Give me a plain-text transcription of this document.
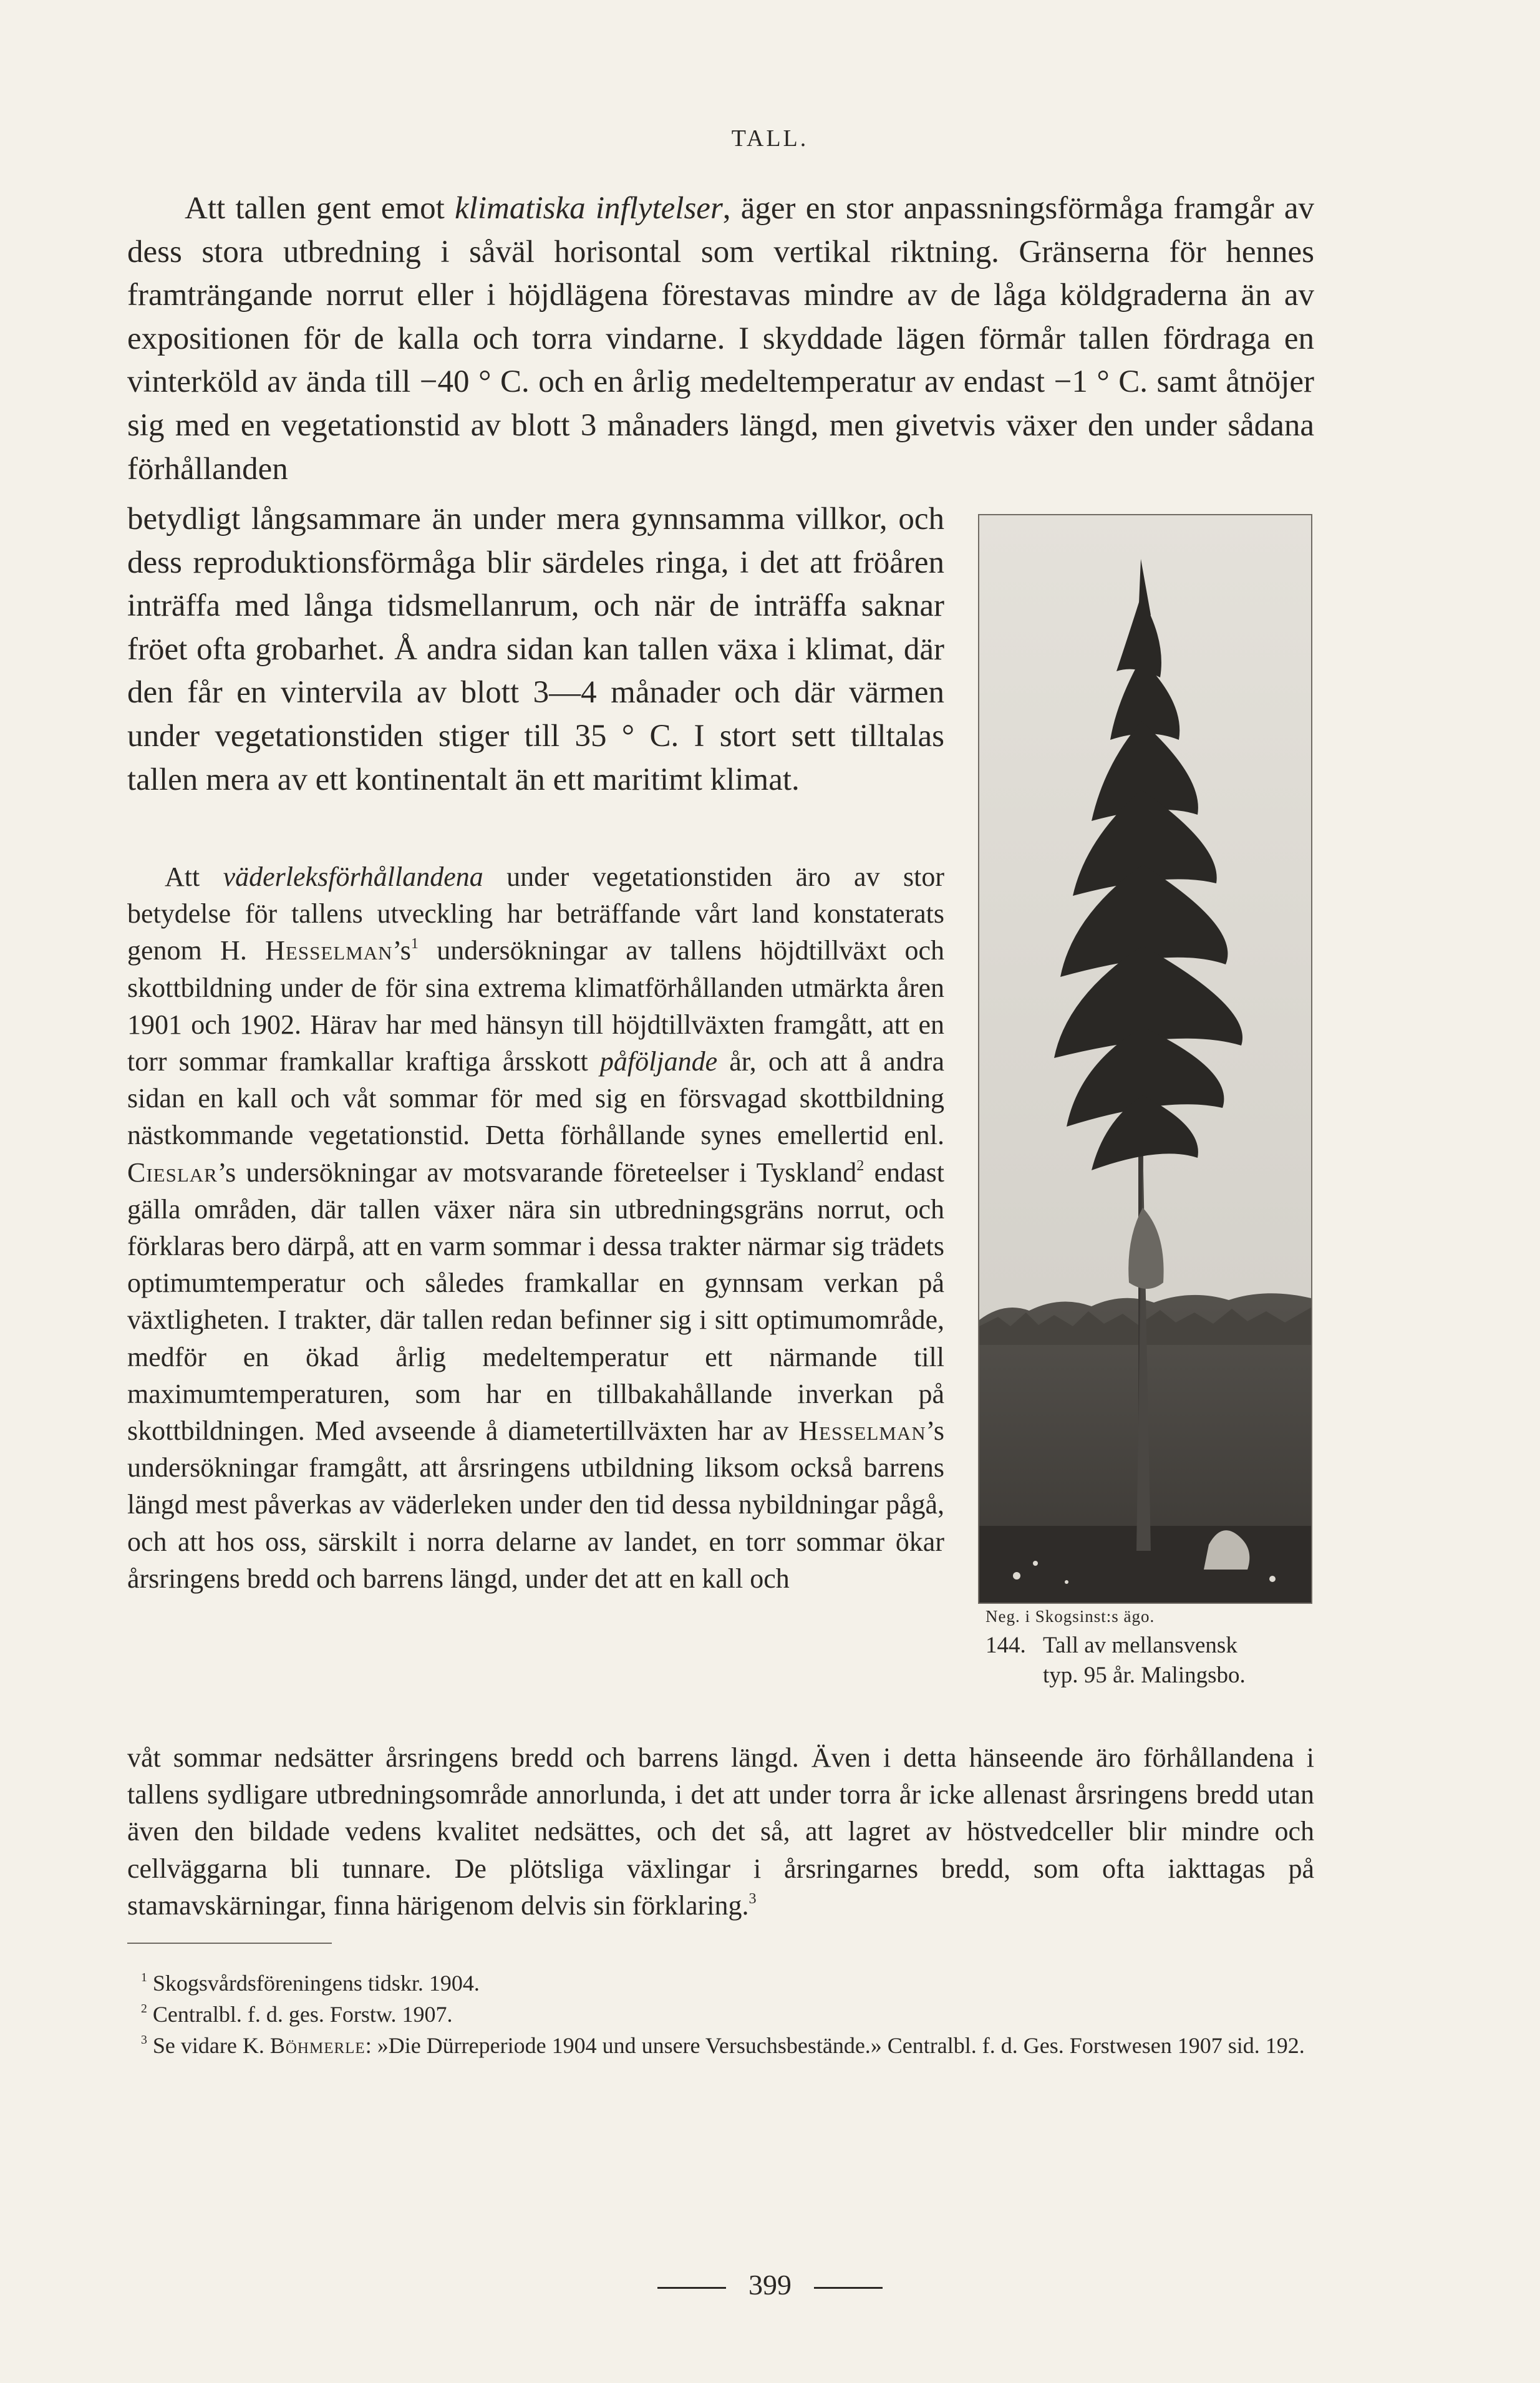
TALL.

Att tallen gent emot klimatiska inflytelser, äger en stor anpassningsförmåga framgår av dess stora utbredning i såväl horisontal som vertikal riktning. Gränserna för hennes framträngande norrut eller i höjdlägena förestavas mindre av de låga köldgraderna än av expositionen för de kalla och torra vindarne. I skyddade lägen förmår tallen fördraga en vinterköld av ända till −40 ° C. och en årlig medeltemperatur av endast −1 ° C. samt åtnöjer sig med en vegetationstid av blott 3 månaders längd, men givetvis växer den under sådana förhållanden

betydligt långsammare än under mera gynnsamma villkor, och dess reproduktionsförmåga blir särdeles ringa, i det att fröåren inträffa med långa tidsmellanrum, och när de inträffa saknar fröet ofta grobarhet. Å andra sidan kan tallen växa i klimat, där den får en vintervila av blott 3—4 månader och där värmen under vegetationstiden stiger till 35 ° C. I stort sett tilltalas tallen mera av ett kontinentalt än ett maritimt klimat.

Neg. i Skogsinst:s ägo.
144. Tall av mellansvensk
typ. 95 år. Malingsbo.

Att väderleksförhållandena under vegetationstiden äro av stor betydelse för tallens utveckling har beträffande vårt land konstaterats genom H. $Hesselman’s^1$ undersökningar av tallens höjdtillväxt och skottbildning under de för sina extrema klimatförhållanden utmärkta åren 1901 och 1902. Härav har med hänsyn till höjdtillväxten framgått, att en torr sommar framkallar kraftiga årsskott påföljande år, och att å andra sidan en kall och våt sommar för med sig en försvagad skottbildning nästkommande vegetationstid. Detta förhållande synes emellertid enl. Cieslar’s undersökningar av motsvarande företeelser i Tyskland$^2$ endast gälla områden, där tallen växer nära sin utbredningsgräns norrut, och förklaras bero därpå, att en varm sommar i dessa trakter närmar sig trädets optimumtemperatur och således framkallar en gynnsam verkan på växtligheten. I trakter, där tallen redan befinner sig i sitt optimumområde, medför en ökad årlig medeltemperatur ett närmande till maximumtemperaturen, som har en tillbakahållande inverkan på skottbildningen. Med avseende å diametertillväxten har av Hesselman’s undersökningar framgått, att årsringens utbildning liksom också barrens längd mest påverkas av väderleken under den tid dessa nybildningar pågå, och att hos oss, särskilt i norra delarne av landet, en torr sommar ökar årsringens bredd och barrens längd, under det att en kall och

våt sommar nedsätter årsringens bredd och barrens längd. Även i detta hänseende äro förhållandena i tallens sydligare utbredningsområde annorlunda, i det att under torra år icke allenast årsringens bredd utan även den bildade vedens kvalitet nedsättes, och det så, att lagret av höstvedceller blir mindre och cellväggarna bli tunnare. De plötsliga växlingar i årsringarnes bredd, som ofta iakttagas på stamavskärningar, finna härigenom delvis sin förklaring.$^3$

$^1$ Skogsvårdsföreningens tidskr. 1904.

$^2$ Centralbl. f. d. ges. Forstw. 1907.

$^3$ Se vidare K. Böhmerle: »Die Dürreperiode 1904 und unsere Versuchsbestände.» Centralbl. f. d. Ges. Forstwesen 1907 sid. 192.

399
